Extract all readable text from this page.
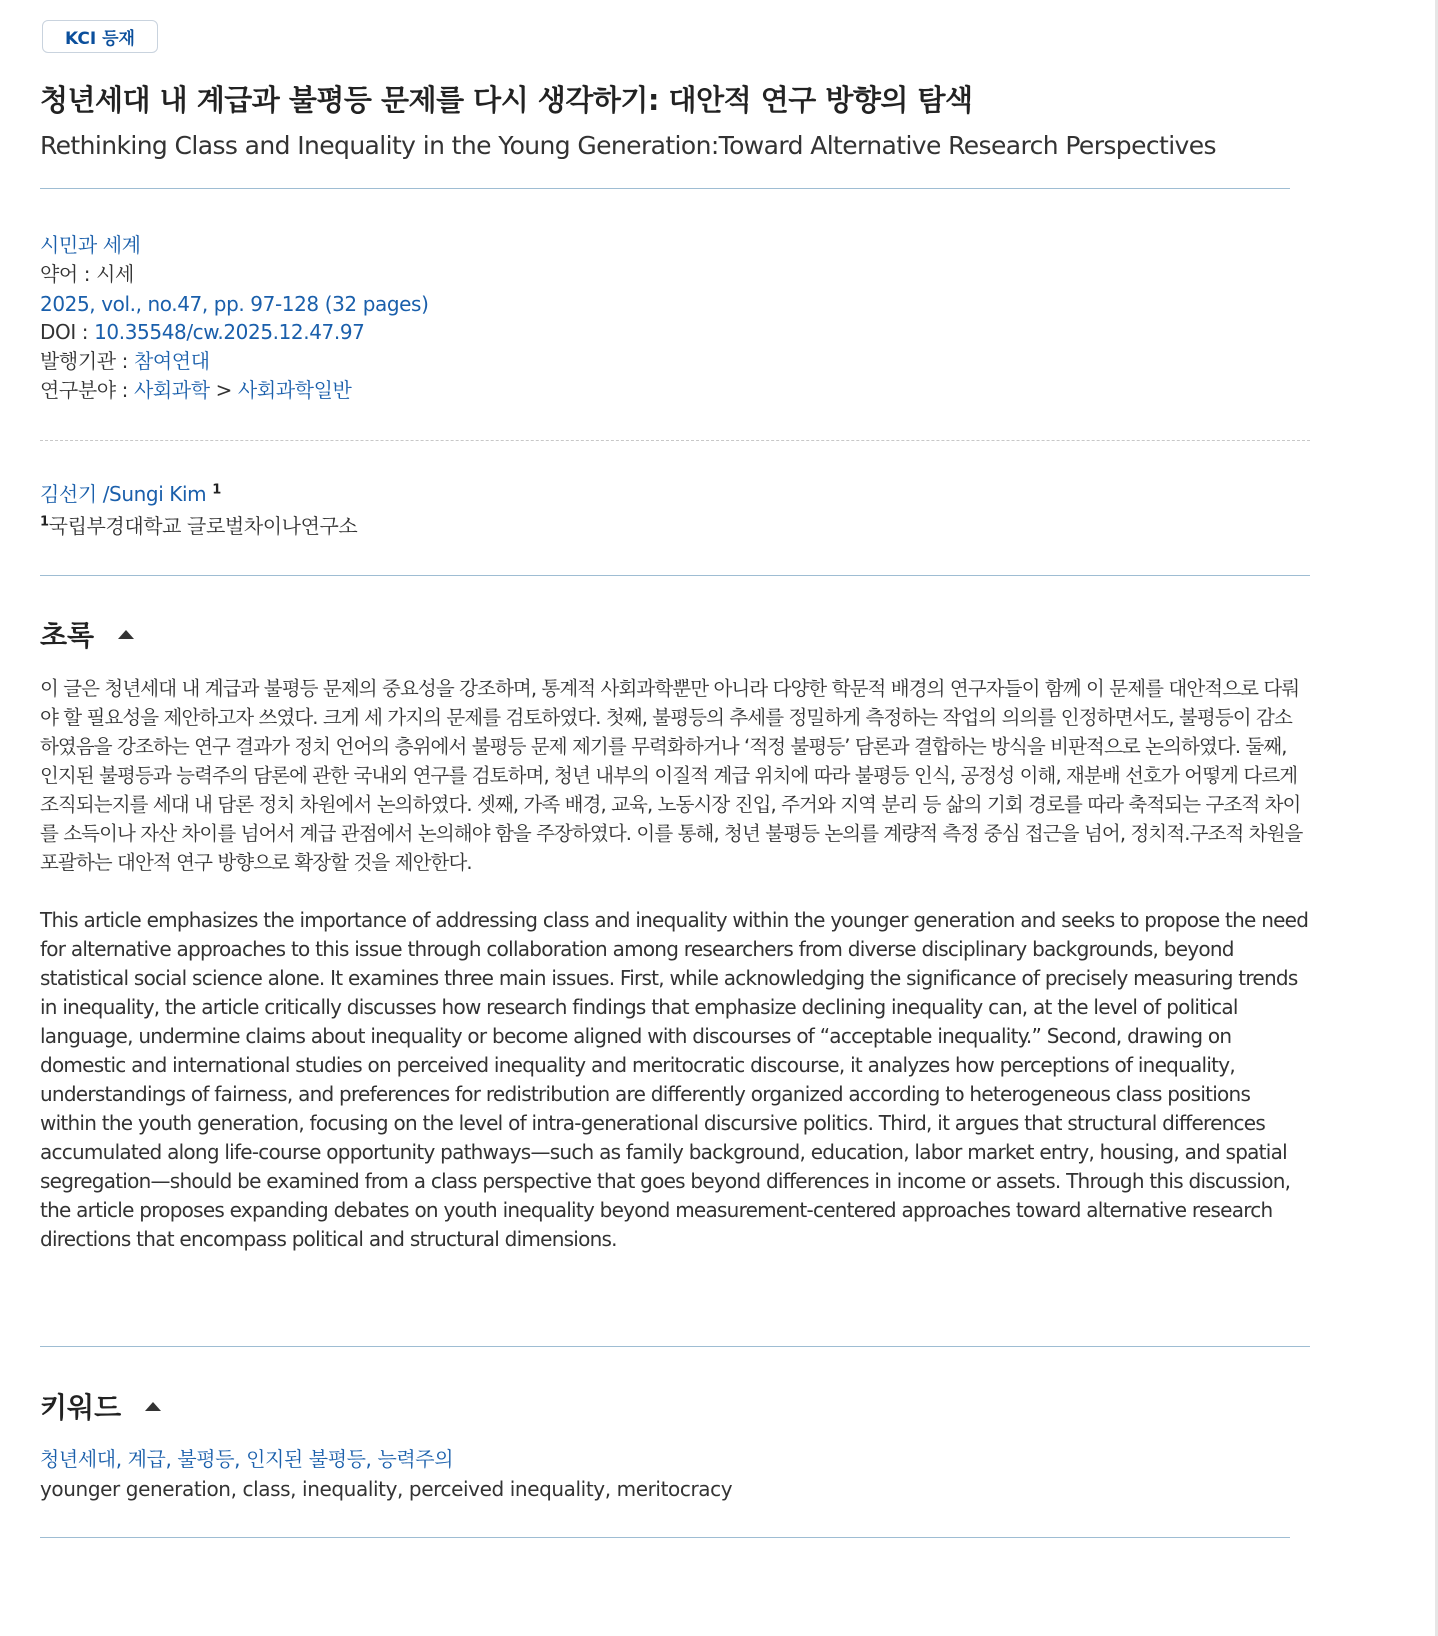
KCI 등재
청년세대 내 계급과 불평등 문제를 다시 생각하기: 대안적 연구 방향의 탐색
Rethinking Class and Inequality in the Young Generation:Toward Alternative Research Perspectives
시민과 세계
약어 : 시세
2025, vol., no.47, pp. 97-128 (32 pages)
DOI : 10.35548/cw.2025.12.47.97
발행기관 : 참여연대
연구분야 : 사회과학 > 사회과학일반
김선기 /Sungi Kim $^1$
$^1$국립부경대학교 글로벌차이나연구소
초록
이 글은 청년세대 내 계급과 불평등 문제의 중요성을 강조하며, 통계적 사회과학뿐만 아니라 다양한 학문적 배경의 연구자들이 함께 이 문제를 대안적으로 다뤄
야 할 필요성을 제안하고자 쓰였다. 크게 세 가지의 문제를 검토하였다. 첫째, 불평등의 추세를 정밀하게 측정하는 작업의 의의를 인정하면서도, 불평등이 감소
하였음을 강조하는 연구 결과가 정치 언어의 층위에서 불평등 문제 제기를 무력화하거나 ‘적정 불평등’ 담론과 결합하는 방식을 비판적으로 논의하였다. 둘째,
인지된 불평등과 능력주의 담론에 관한 국내외 연구를 검토하며, 청년 내부의 이질적 계급 위치에 따라 불평등 인식, 공정성 이해, 재분배 선호가 어떻게 다르게
조직되는지를 세대 내 담론 정치 차원에서 논의하였다. 셋째, 가족 배경, 교육, 노동시장 진입, 주거와 지역 분리 등 삶의 기회 경로를 따라 축적되는 구조적 차이
를 소득이나 자산 차이를 넘어서 계급 관점에서 논의해야 함을 주장하였다. 이를 통해, 청년 불평등 논의를 계량적 측정 중심 접근을 넘어, 정치적.구조적 차원을
포괄하는 대안적 연구 방향으로 확장할 것을 제안한다.
This article emphasizes the importance of addressing class and inequality within the younger generation and seeks to propose the need
for alternative approaches to this issue through collaboration among researchers from diverse disciplinary backgrounds, beyond
statistical social science alone. It examines three main issues. First, while acknowledging the significance of precisely measuring trends
in inequality, the article critically discusses how research findings that emphasize declining inequality can, at the level of political
language, undermine claims about inequality or become aligned with discourses of “acceptable inequality.” Second, drawing on
domestic and international studies on perceived inequality and meritocratic discourse, it analyzes how perceptions of inequality,
understandings of fairness, and preferences for redistribution are differently organized according to heterogeneous class positions
within the youth generation, focusing on the level of intra-generational discursive politics. Third, it argues that structural differences
accumulated along life-course opportunity pathways—such as family background, education, labor market entry, housing, and spatial
segregation—should be examined from a class perspective that goes beyond differences in income or assets. Through this discussion,
the article proposes expanding debates on youth inequality beyond measurement-centered approaches toward alternative research
directions that encompass political and structural dimensions.
키워드
청년세대, 계급, 불평등, 인지된 불평등, 능력주의
younger generation, class, inequality, perceived inequality, meritocracy
